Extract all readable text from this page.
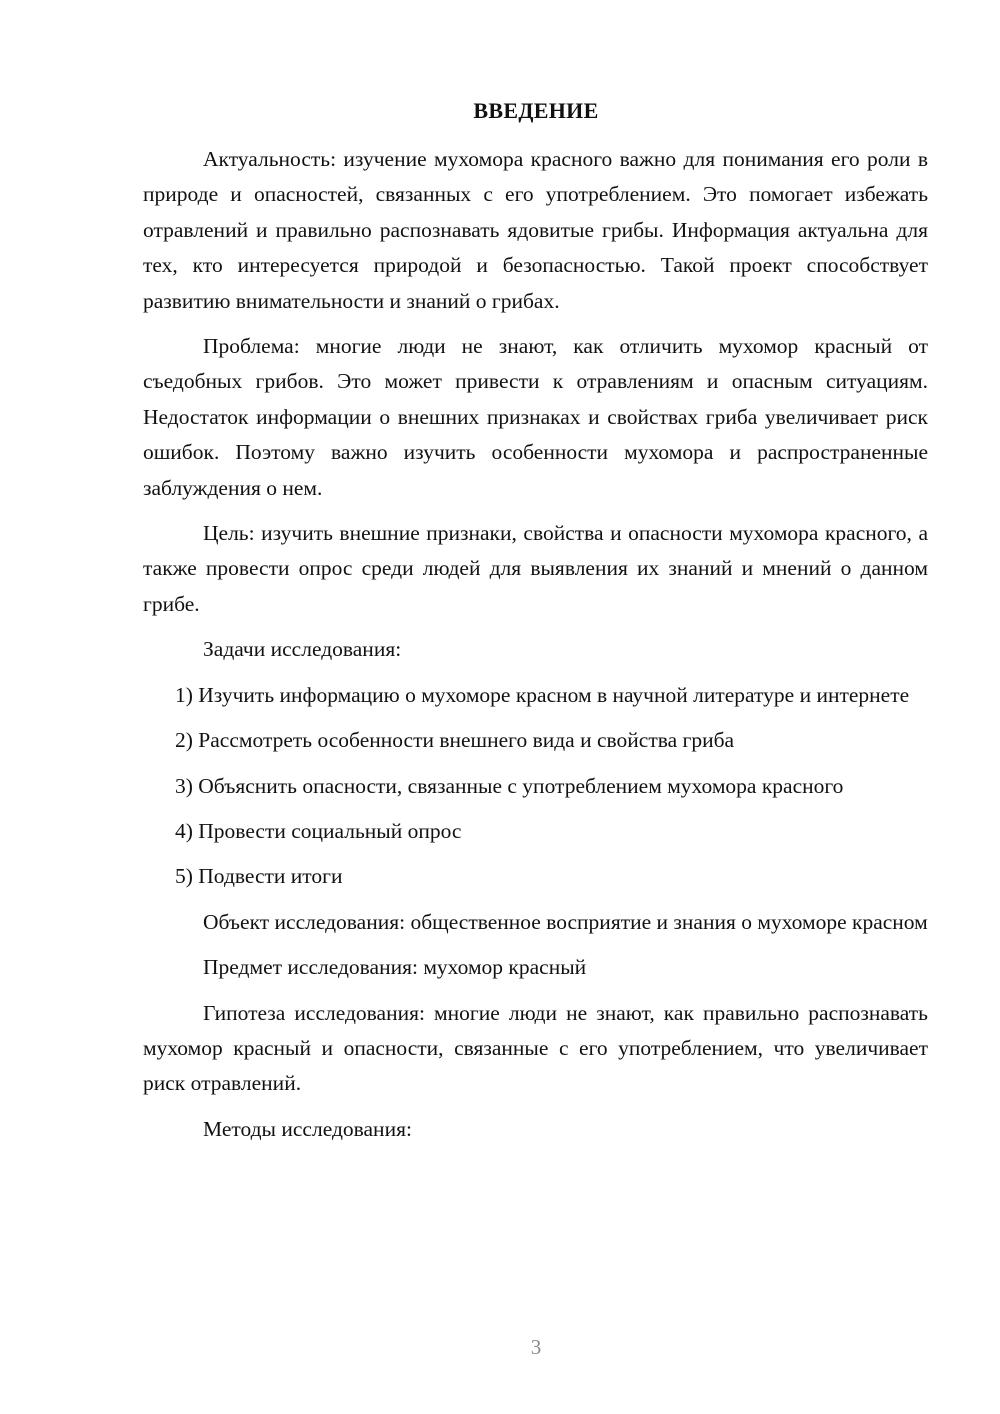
ВВЕДЕНИЕ

Актуальность: изучение мухомора красного важно для понимания его роли в природе и опасностей, связанных с его употреблением. Это помогает избежать отравлений и правильно распознавать ядовитые грибы. Информация актуальна для тех, кто интересуется природой и безопасностью. Такой проект способствует развитию внимательности и знаний о грибах.

Проблема: многие люди не знают, как отличить мухомор красный от съедобных грибов. Это может привести к отравлениям и опасным ситуациям. Недостаток информации о внешних признаках и свойствах гриба увеличивает риск ошибок. Поэтому важно изучить особенности мухомора и распространенные заблуждения о нем.

Цель: изучить внешние признаки, свойства и опасности мухомора красного, а также провести опрос среди людей для выявления их знаний и мнений о данном грибе.

Задачи исследования:

1) Изучить информацию о мухоморе красном в научной литературе и интернете

2) Рассмотреть особенности внешнего вида и свойства гриба

3) Объяснить опасности, связанные с употреблением мухомора красного

4) Провести социальный опрос

5) Подвести итоги

Объект исследования: общественное восприятие и знания о мухоморе красном

Предмет исследования: мухомор красный

Гипотеза исследования: многие люди не знают, как правильно распознавать мухомор красный и опасности, связанные с его употреблением, что увеличивает риск отравлений.

Методы исследования:

3
